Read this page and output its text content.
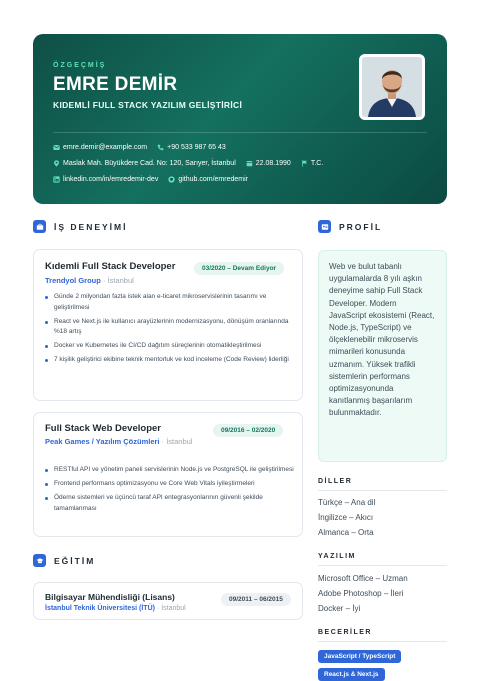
ÖZGEÇMİŞ
EMRE DEMİR
KIDEMLİ FULL STACK YAZILIM GELİŞTİRİCİ
emre.demir@example.com	+90 533 987 65 43
Maslak Mah. Büyükdere Cad. No: 120, Sarıyer, İstanbul	22.08.1990	T.C.
linkedin.com/in/emredemir-dev	github.com/emredemir
İŞ DENEYİMİ
Kıdemli Full Stack Developer	03/2020 – Devam Ediyor
Trendyol Group · İstanbul
Günde 2 milyondan fazla istek alan e-ticaret mikroservislerinin tasarımı ve geliştirilmesi
React ve Next.js ile kullanıcı arayüzlerinin modernizasyonu, dönüşüm oranlarında %18 artış
Docker ve Kubernetes ile CI/CD dağıtım süreçlerinin otomatikleştirilmesi
7 kişilik geliştirici ekibine teknik mentorluk ve kod inceleme (Code Review) liderliği
Full Stack Web Developer	09/2016 – 02/2020
Peak Games / Yazılım Çözümleri · İstanbul
RESTful API ve yönetim paneli servislerinin Node.js ve PostgreSQL ile geliştirilmesi
Frontend performans optimizasyonu ve Core Web Vitals iyileştirmeleri
Ödeme sistemleri ve üçüncü taraf API entegrasyonlarının güvenli şekilde tamamlanması
EĞİTİM
Bilgisayar Mühendisliği (Lisans)	09/2011 – 06/2015
İstanbul Teknik Üniversitesi (İTÜ) · İstanbul
PROFİL
Web ve bulut tabanlı uygulamalarda 8 yılı aşkın deneyime sahip Full Stack Developer. Modern JavaScript ekosistemi (React, Node.js, TypeScript) ve ölçeklenebilir mikroservis mimarileri konusunda uzmanım. Yüksek trafikli sistemlerin performans optimizasyonunda kanıtlanmış başarılarım bulunmaktadır.
DİLLER
Türkçe – Ana dil
İngilizce – Akıcı
Almanca – Orta
YAZILIM
Microsoft Office – Uzman
Adobe Photoshop – İleri
Docker – İyi
BECERİLER
JavaScript / TypeScript
React.js & Next.js
